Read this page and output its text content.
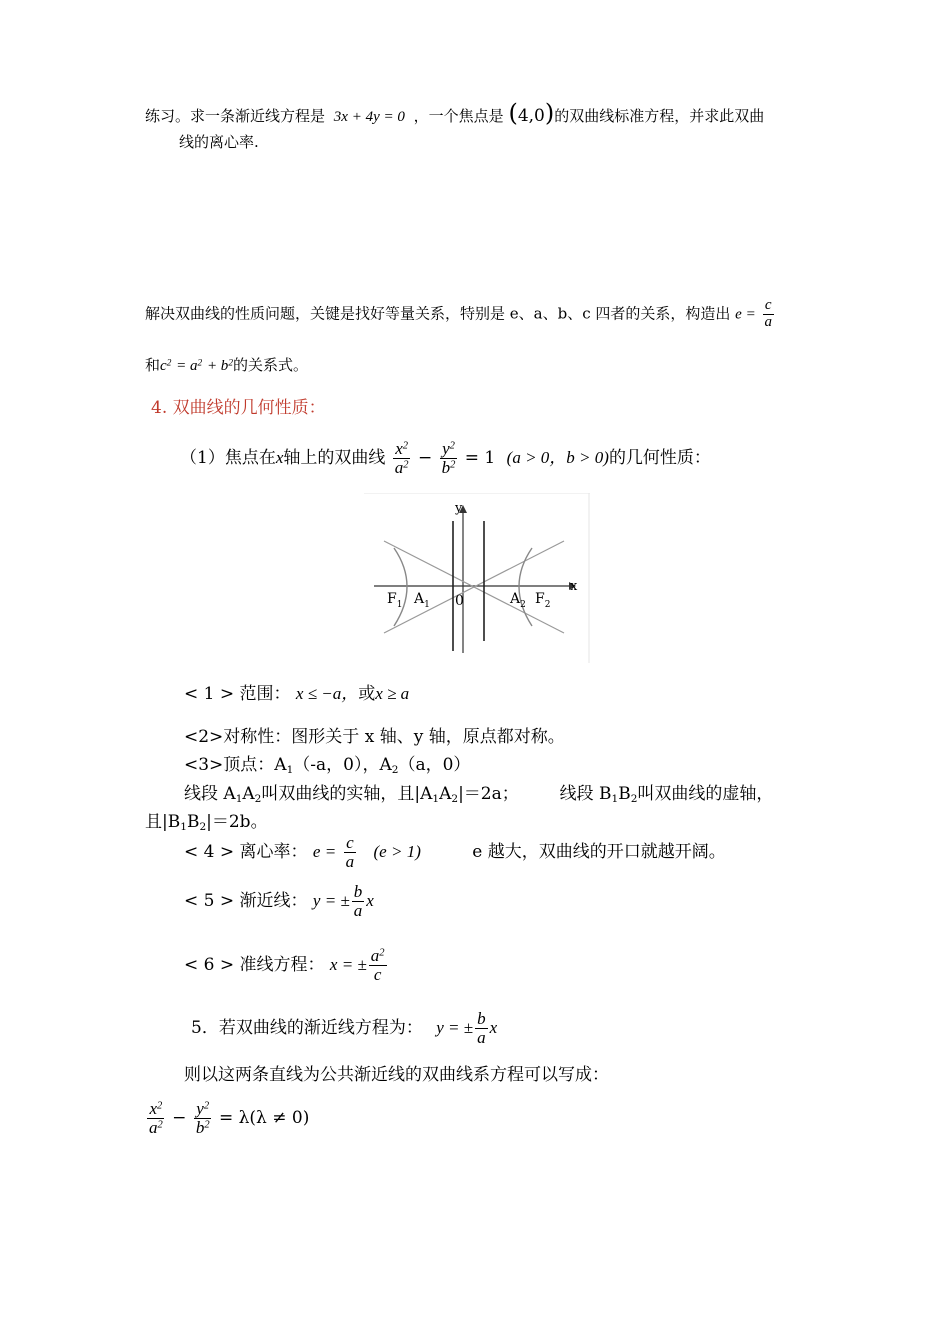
练习。求一条渐近线方程是 3x + 4y = 0 ，一个焦点是 (4,0)的双曲线标准方程，并求此双曲
线的离心率.
解决双曲线的性质问题，关键是找好等量关系，特别是 e、a、b、c 四者的关系，构造出 $e = \frac{c}{a}$
和$c^2 = a^2 + b^2$的关系式。
4. 双曲线的几何性质：
（1）焦点在x轴上的双曲线 $\frac{x^2}{a^2} - \frac{y^2}{b^2} = 1$ (a > 0，b > 0)的几何性质：
y
x
$F_1$ $A_1$ 0	$A_2$ $F_2$
< 1 > 范围： x ≤ −a，或x ≥ a
<2>对称性：图形关于 x 轴、y 轴，原点都对称。
<3>顶点：$A_1(-a$，0），$A_2(a$，0）
线段 $A_1A_2$叫双曲线的实轴，且$|A_1A_2|=2a$； 线段 $B_1B_2$叫双曲线的虚轴，
且$|B_1B_2|=2b$。
< 4 > 离心率： $e = \frac{c}{a} (e > 1)$	e 越大，双曲线的开口就越开阔。
< 5 > 渐近线： y = ± $\frac{b}{a}$ x
< 6 > 准线方程： x = ± $\frac{a^2}{c}$
5．若双曲线的渐近线方程为： y = ± $\frac{b}{a}$ x
则以这两条直线为公共渐近线的双曲线系方程可以写成：
$\frac{x^2}{a^2} - \frac{y^2}{b^2} = \lambda(\lambda \ne 0)$
